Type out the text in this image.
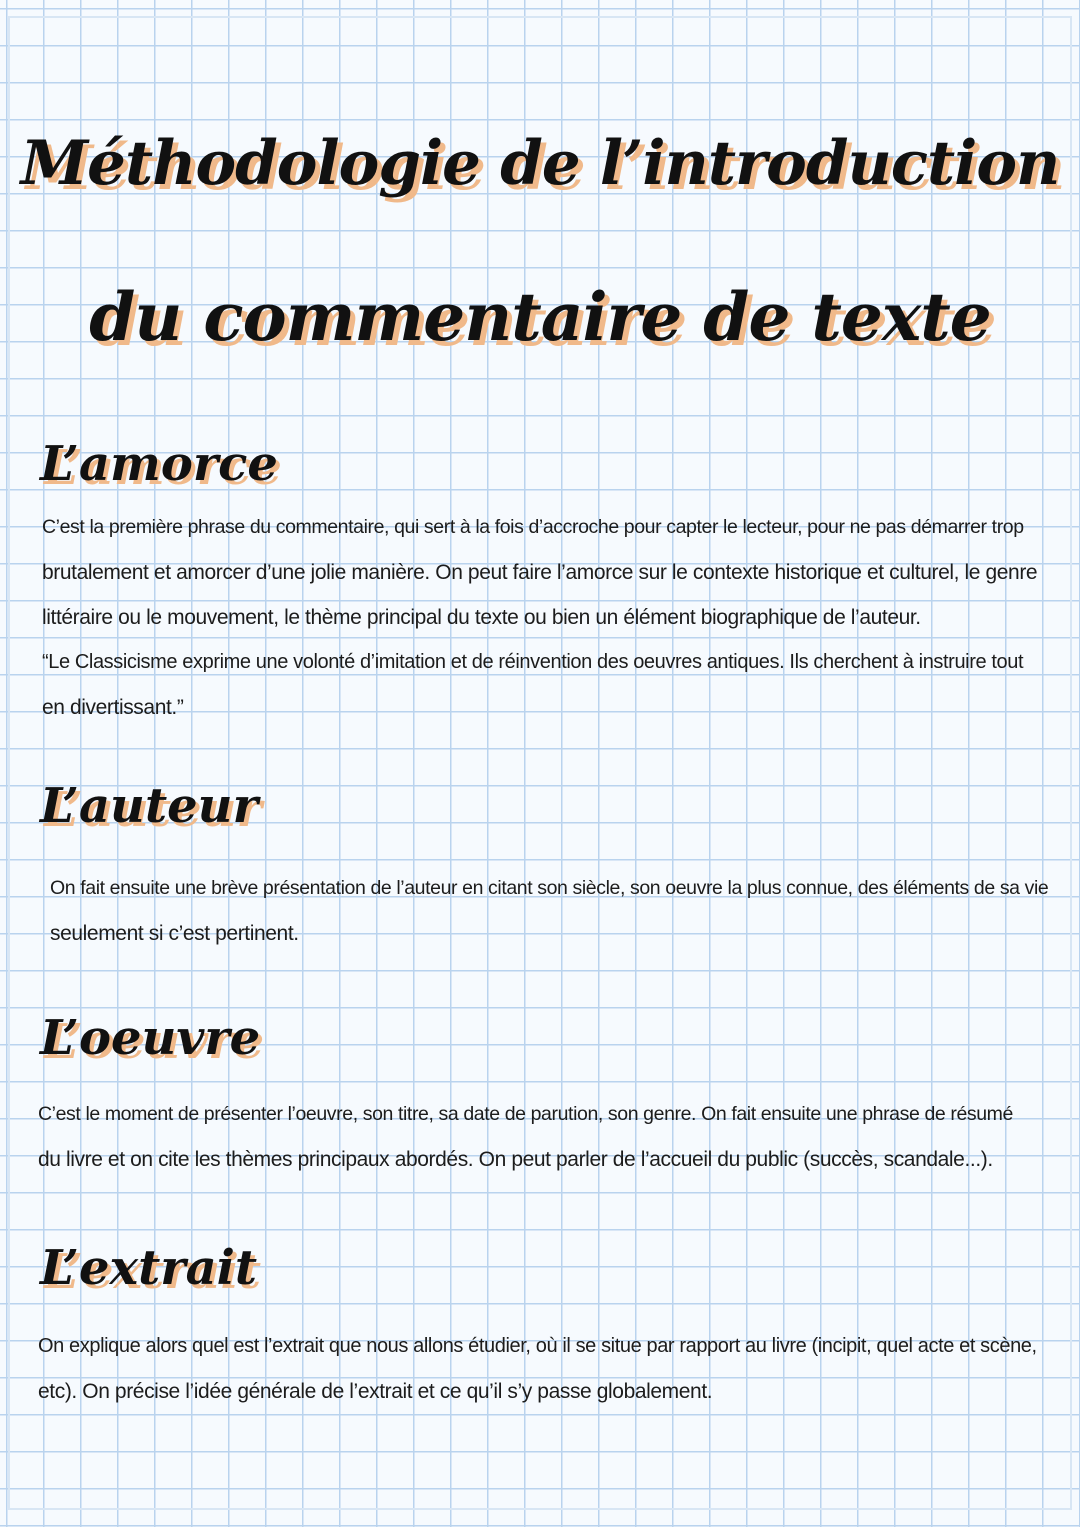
Méthodologie de l’introduction
du commentaire de texte
L’amorce
C’est la première phrase du commentaire, qui sert à la fois d’accroche pour capter le lecteur, pour ne pas démarrer trop
brutalement et amorcer d’une jolie manière. On peut faire l’amorce sur le contexte historique et culturel, le genre
littéraire ou le mouvement, le thème principal du texte ou bien un élément biographique de l’auteur.
“Le Classicisme exprime une volonté d’imitation et de réinvention des oeuvres antiques. Ils cherchent à instruire tout
en divertissant.”
L’auteur
On fait ensuite une brève présentation de l’auteur en citant son siècle, son oeuvre la plus connue, des éléments de sa vie
seulement si c’est pertinent.
L’oeuvre
C’est le moment de présenter l’oeuvre, son titre, sa date de parution, son genre. On fait ensuite une phrase de résumé
du livre et on cite les thèmes principaux abordés. On peut parler de l’accueil du public (succès, scandale...).
L’extrait
On explique alors quel est l’extrait que nous allons étudier, où il se situe par rapport au livre (incipit, quel acte et scène,
etc). On précise l’idée générale de l’extrait et ce qu’il s’y passe globalement.
